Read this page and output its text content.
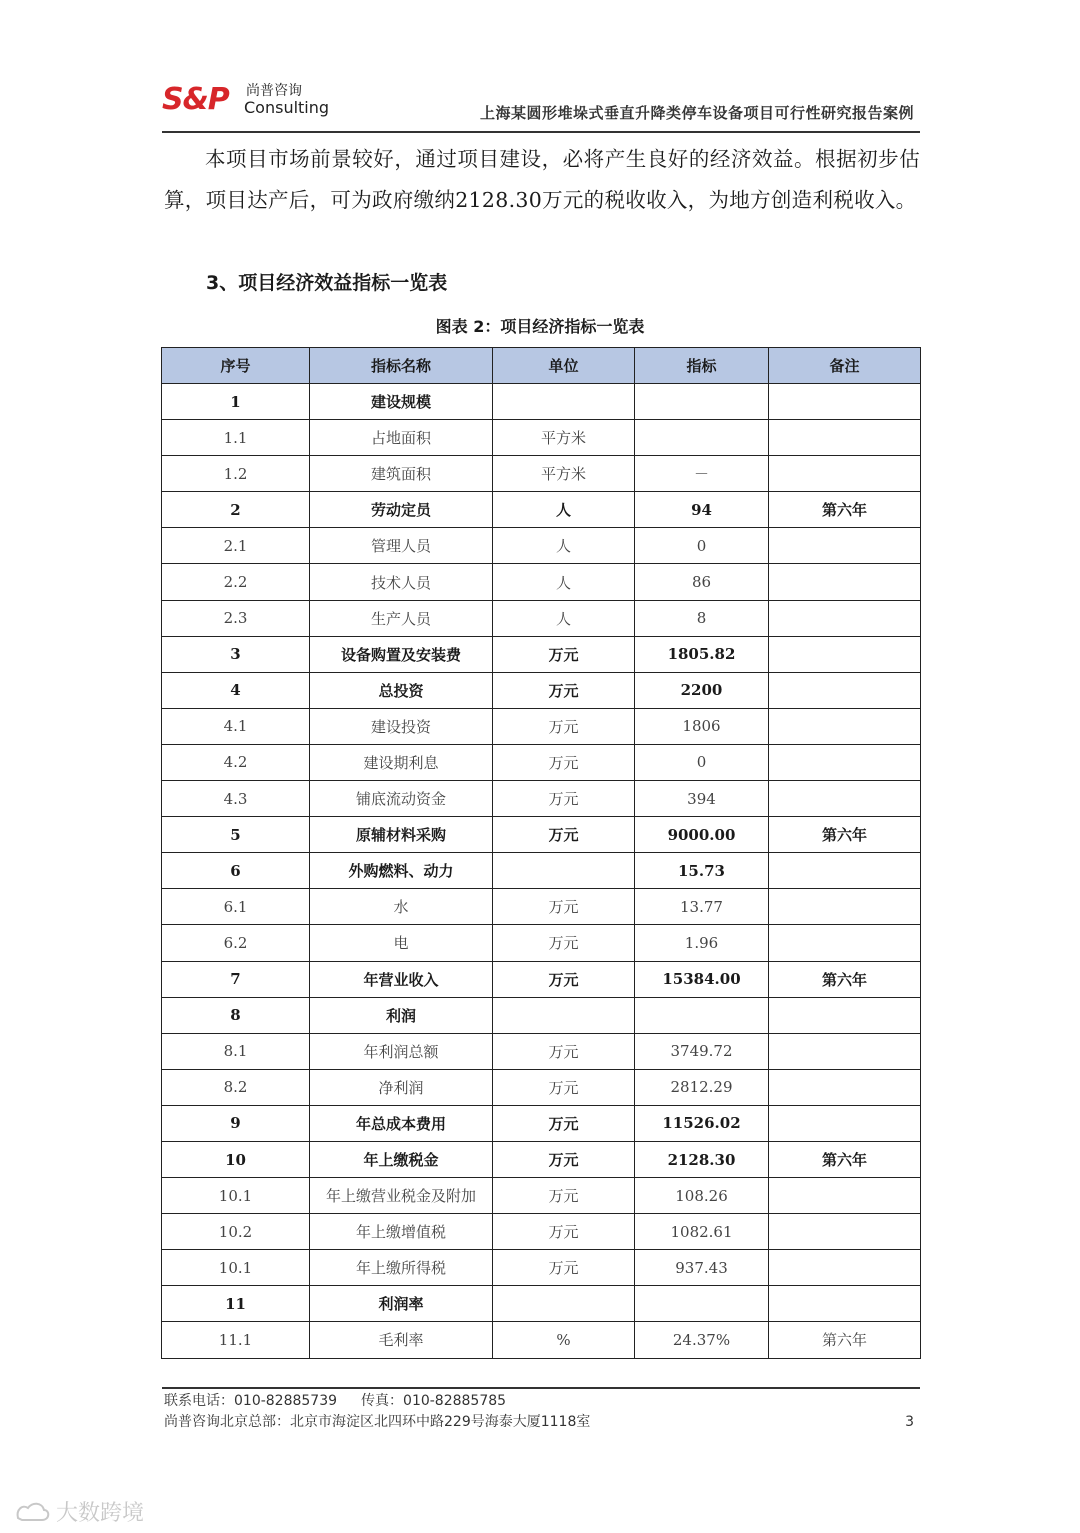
S&P 尚普咨询
Consulting	上海某圆形堆垛式垂直升降类停车设备项目可行性研究报告案例
本项目市场前景较好，通过项目建设，必将产生良好的经济效益。根据初步估算，项目达产后，可为政府缴纳2128.30万元的税收收入，为地方创造利税收入。
3、项目经济效益指标一览表
图表 2：项目经济指标一览表
序号	指标名称	单位	指标	备注
1	建设规模			
1.1	占地面积	平方米		
1.2	建筑面积	平方米	－	
2	劳动定员	人	94	第六年
2.1	管理人员	人	0	
2.2	技术人员	人	86	
2.3	生产人员	人	8	
3	设备购置及安装费	万元	1805.82	
4	总投资	万元	2200	
4.1	建设投资	万元	1806	
4.2	建设期利息	万元	0	
4.3	铺底流动资金	万元	394	
5	原辅材料采购	万元	9000.00	第六年
6	外购燃料、动力		15.73	
6.1	水	万元	13.77	
6.2	电	万元	1.96	
7	年营业收入	万元	15384.00	第六年
8	利润			
8.1	年利润总额	万元	3749.72	
8.2	净利润	万元	2812.29	
9	年总成本费用	万元	11526.02	
10	年上缴税金	万元	2128.30	第六年
10.1	年上缴营业税金及附加	万元	108.26	
10.2	年上缴增值税	万元	1082.61	
10.1	年上缴所得税	万元	937.43	
11	利润率			
11.1	毛利率	%	24.37%	第六年
联系电话：010-82885739 传真：010-82885785
尚普咨询北京总部：北京市海淀区北四环中路229号海泰大厦1118室	3
大数跨境
